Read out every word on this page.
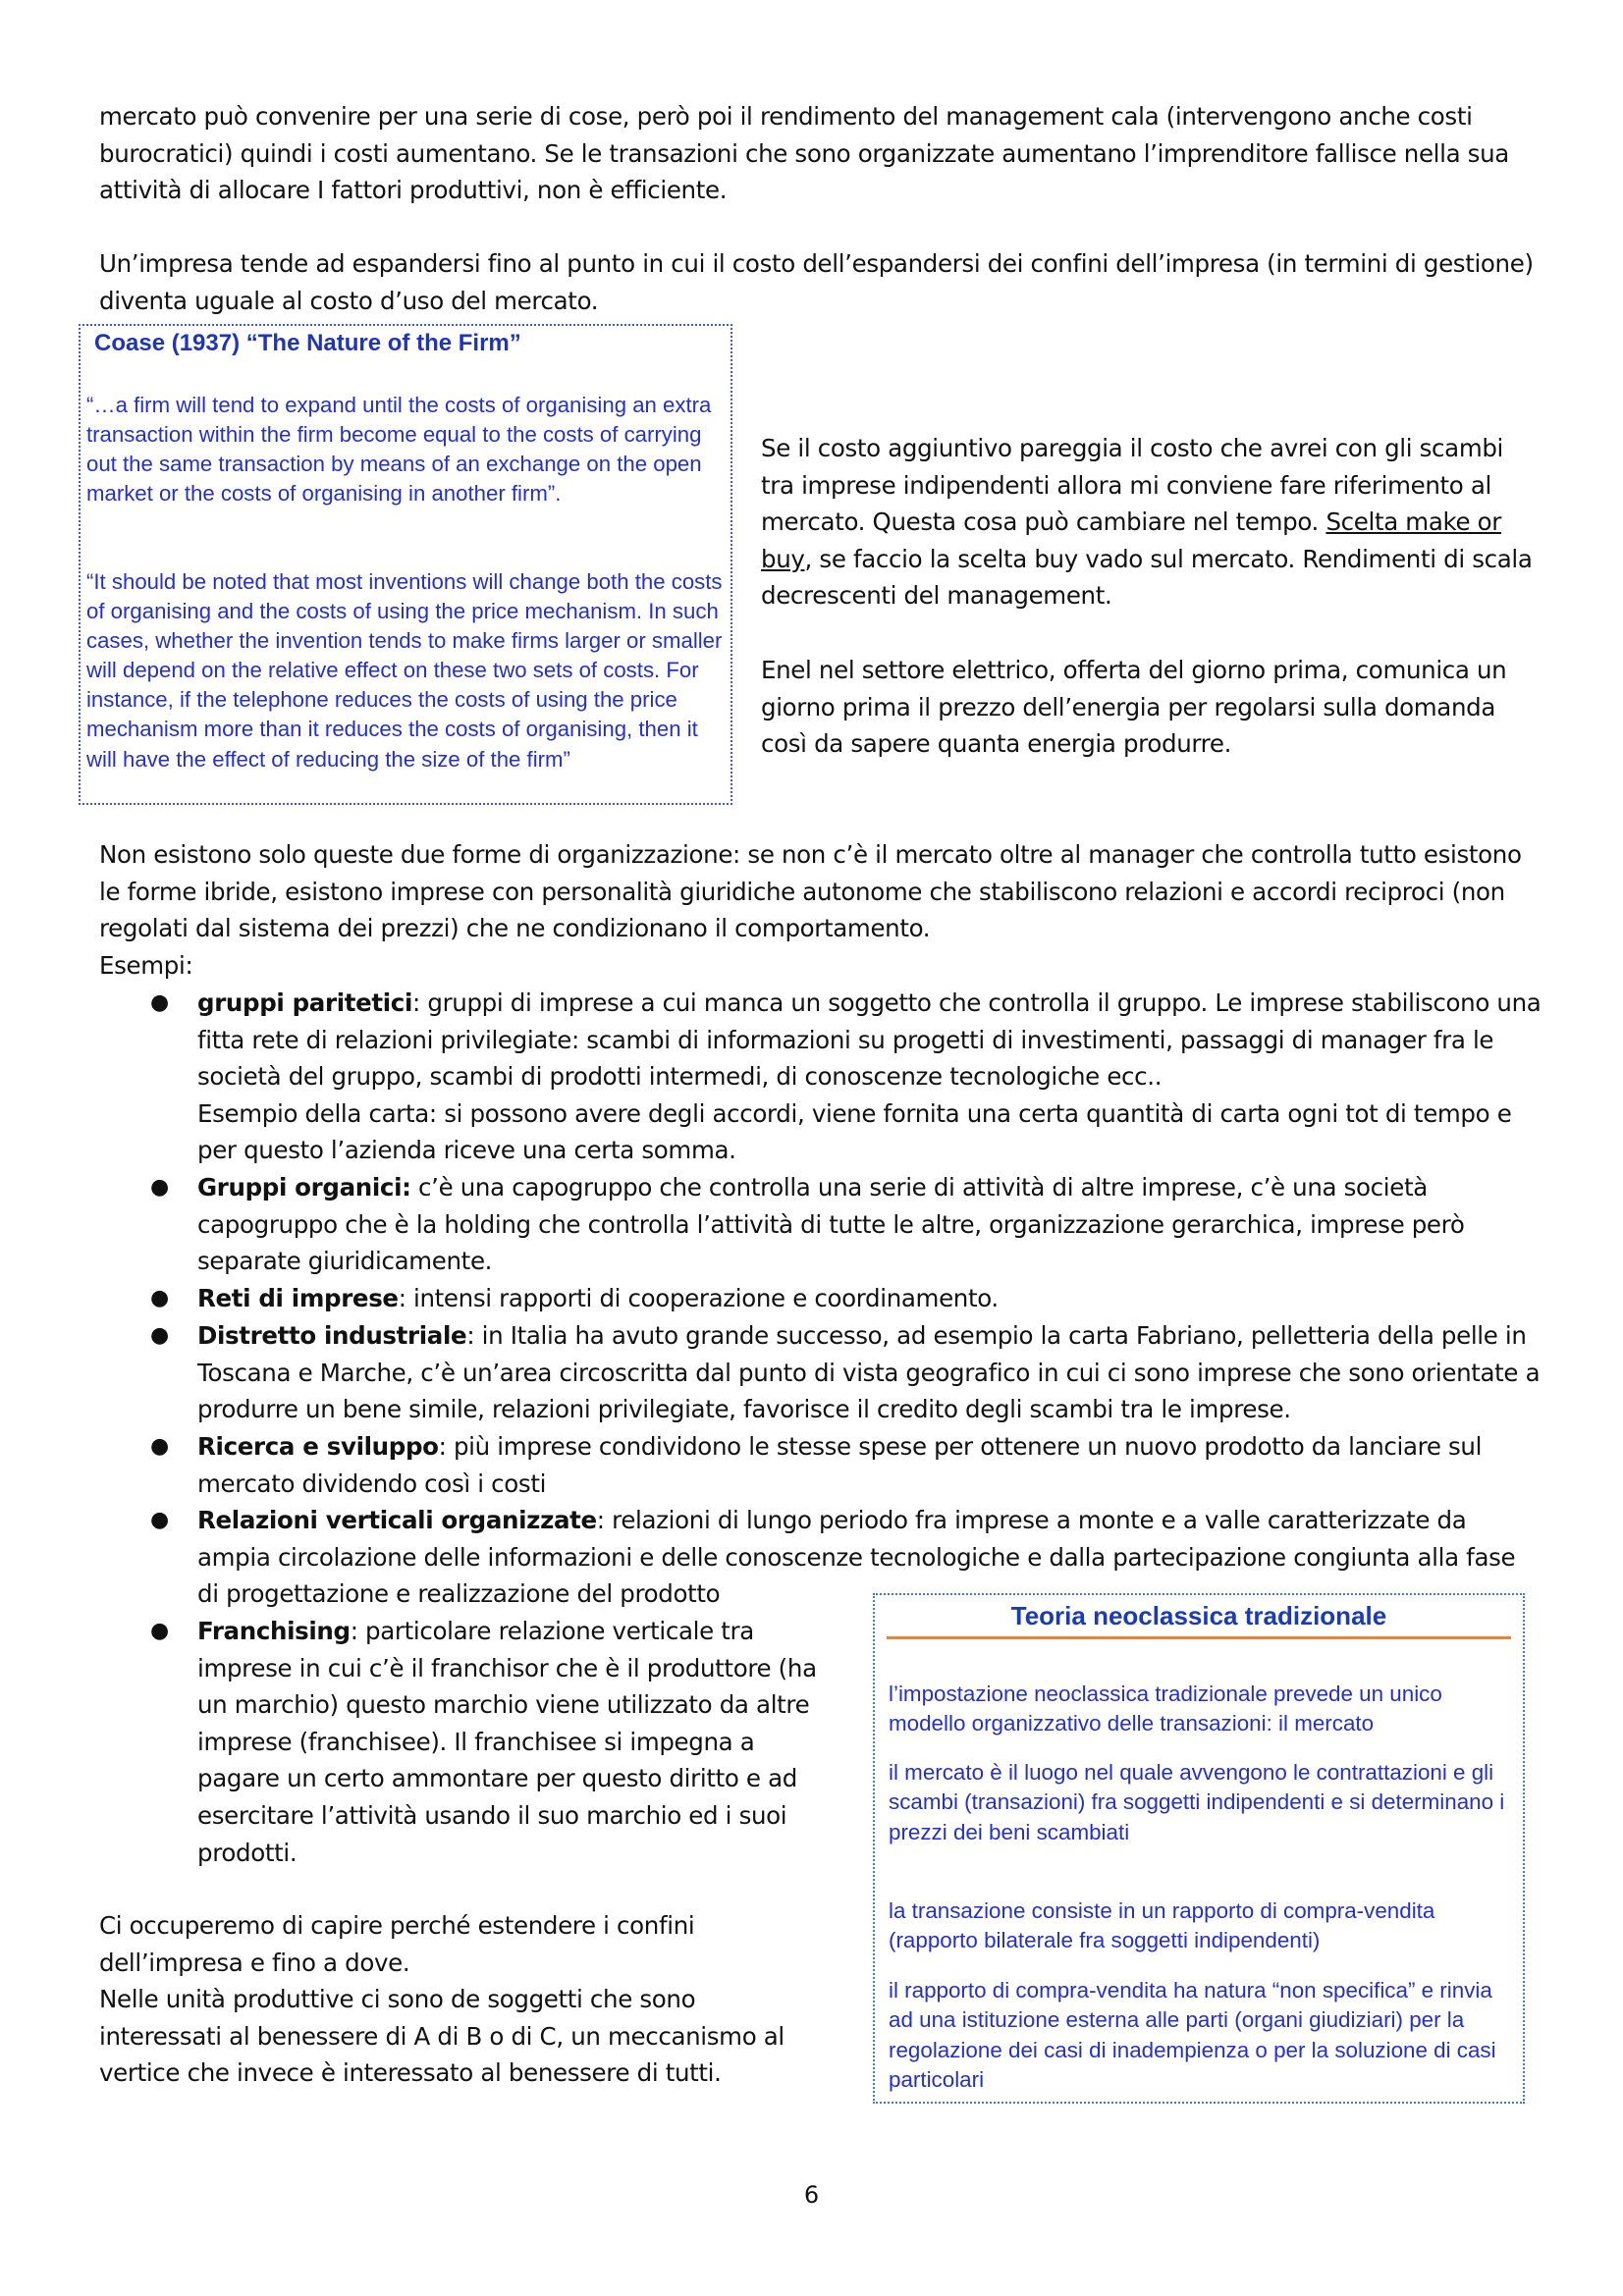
mercato può convenire per una serie di cose, però poi il rendimento del management cala (intervengono anche costi burocratici) quindi i costi aumentano. Se le transazioni che sono organizzate aumentano l’imprenditore fallisce nella sua attività di allocare I fattori produttivi, non è efficiente.

Un’impresa tende ad espandersi fino al punto in cui il costo dell’espandersi dei confini dell’impresa (in termini di gestione) diventa uguale al costo d’uso del mercato.

Coase (1937) “The Nature of the Firm”

“…a firm will tend to expand until the costs of organising an extra transaction within the firm become equal to the costs of carrying out the same transaction by means of an exchange on the open market or the costs of organising in another firm”.

“It should be noted that most inventions will change both the costs of organising and the costs of using the price mechanism. In such cases, whether the invention tends to make firms larger or smaller will depend on the relative effect on these two sets of costs. For instance, if the telephone reduces the costs of using the price mechanism more than it reduces the costs of organising, then it will have the effect of reducing the size of the firm”

Se il costo aggiuntivo pareggia il costo che avrei con gli scambi tra imprese indipendenti allora mi conviene fare riferimento al mercato. Questa cosa può cambiare nel tempo. Scelta make or buy, se faccio la scelta buy vado sul mercato. Rendimenti di scala decrescenti del management.

Enel nel settore elettrico, offerta del giorno prima, comunica un giorno prima il prezzo dell’energia per regolarsi sulla domanda così da sapere quanta energia produrre.

Non esistono solo queste due forme di organizzazione: se non c’è il mercato oltre al manager che controlla tutto esistono le forme ibride, esistono imprese con personalità giuridiche autonome che stabiliscono relazioni e accordi reciproci (non regolati dal sistema dei prezzi) che ne condizionano il comportamento.

Esempi:

● gruppi paritetici: gruppi di imprese a cui manca un soggetto che controlla il gruppo. Le imprese stabiliscono una fitta rete di relazioni privilegiate: scambi di informazioni su progetti di investimenti, passaggi di manager fra le società del gruppo, scambi di prodotti intermedi, di conoscenze tecnologiche ecc..

Esempio della carta: si possono avere degli accordi, viene fornita una certa quantità di carta ogni tot di tempo e per questo l’azienda riceve una certa somma.

● Gruppi organici: c’è una capogruppo che controlla una serie di attività di altre imprese, c’è una società capogruppo che è la holding che controlla l’attività di tutte le altre, organizzazione gerarchica, imprese però separate giuridicamente.

● Reti di imprese: intensi rapporti di cooperazione e coordinamento.

● Distretto industriale: in Italia ha avuto grande successo, ad esempio la carta Fabriano, pelletteria della pelle in Toscana e Marche, c’è un’area circoscritta dal punto di vista geografico in cui ci sono imprese che sono orientate a produrre un bene simile, relazioni privilegiate, favorisce il credito degli scambi tra le imprese.

● Ricerca e sviluppo: più imprese condividono le stesse spese per ottenere un nuovo prodotto da lanciare sul mercato dividendo così i costi

● Relazioni verticali organizzate: relazioni di lungo periodo fra imprese a monte e a valle caratterizzate da ampia circolazione delle informazioni e delle conoscenze tecnologiche e dalla partecipazione congiunta alla fase di progettazione e realizzazione del prodotto

● Franchising: particolare relazione verticale tra imprese in cui c’è il franchisor che è il produttore (ha un marchio) questo marchio viene utilizzato da altre imprese (franchisee). Il franchisee si impegna a pagare un certo ammontare per questo diritto e ad esercitare l’attività usando il suo marchio ed i suoi prodotti.

Ci occuperemo di capire perché estendere i confini dell’impresa e fino a dove.

Nelle unità produttive ci sono de soggetti che sono interessati al benessere di A di B o di C, un meccanismo al vertice che invece è interessato al benessere di tutti.

Teoria neoclassica tradizionale

l’impostazione neoclassica tradizionale prevede un unico modello organizzativo delle transazioni: il mercato

il mercato è il luogo nel quale avvengono le contrattazioni e gli scambi (transazioni) fra soggetti indipendenti e si determinano i prezzi dei beni scambiati

la transazione consiste in un rapporto di compra-vendita (rapporto bilaterale fra soggetti indipendenti)

il rapporto di compra-vendita ha natura “non specifica” e rinvia ad una istituzione esterna alle parti (organi giudiziari) per la regolazione dei casi di inadempienza o per la soluzione di casi particolari

6
